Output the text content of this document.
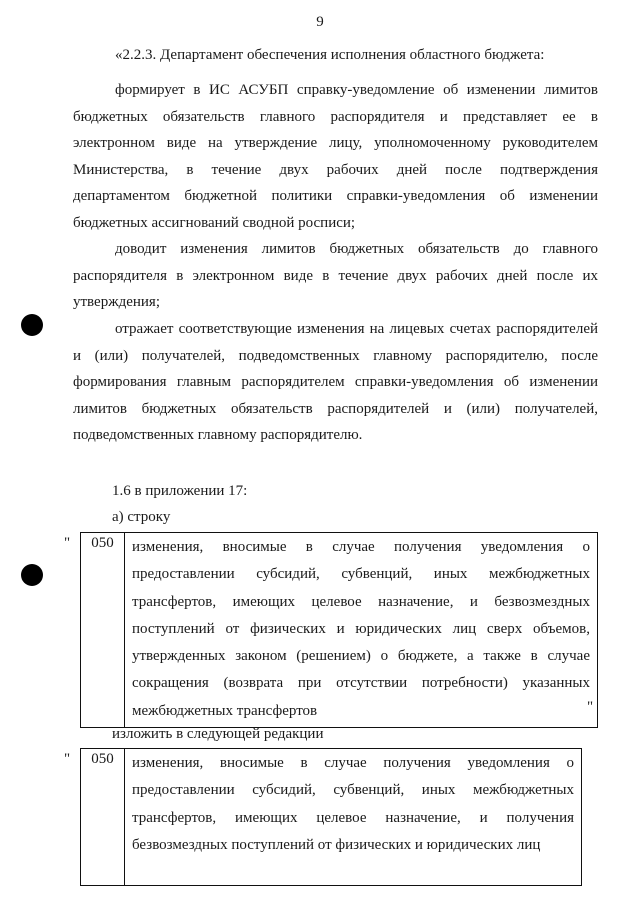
9
«2.2.3. Департамент обеспечения исполнения областного бюджета:
формирует в ИС АСУБП справку-уведомление об изменении лимитов бюджетных обязательств главного распорядителя и представляет ее в электронном виде на утверждение лицу, уполномоченному руководителем Министерства, в течение двух рабочих дней после подтверждения департаментом бюджетной политики справки-уведомления об изменении бюджетных ассигнований сводной росписи;
доводит изменения лимитов бюджетных обязательств до главного распорядителя в электронном виде в течение двух рабочих дней после их утверждения;
отражает соответствующие изменения на лицевых счетах распорядителей и (или) получателей, подведомственных главному распорядителю, после формирования главным распорядителем справки-уведомления об изменении лимитов бюджетных обязательств распорядителей и (или) получателей, подведомственных главному распорядителю.
1.6 в приложении 17:
а) строку
" 050	изменения, вносимые в случае получения уведомления о предоставлении субсидий, субвенций, иных межбюджетных трансфертов, имеющих целевое назначение, и безвозмездных поступлений от физических и юридических лиц сверх объемов, утвержденных законом (решением) о бюджете, а также в случае сокращения (возврата при отсутствии потребности) указанных межбюджетных трансфертов	"
изложить в следующей редакции
" 050	изменения, вносимые в случае получения уведомления о предоставлении субсидий, субвенций, иных межбюджетных трансфертов, имеющих целевое назначение, и получения безвозмездных поступлений от физических и юридических лиц
